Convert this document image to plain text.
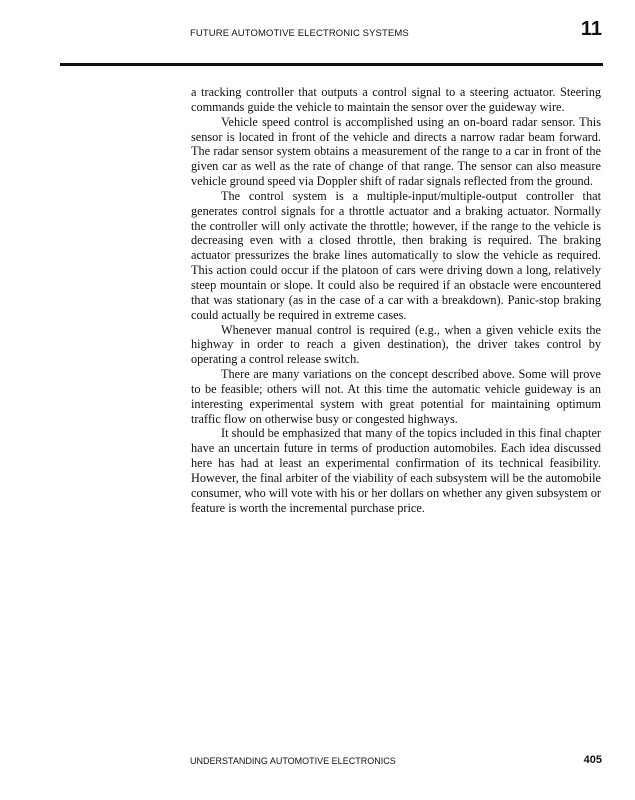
FUTURE AUTOMOTIVE ELECTRONIC SYSTEMS	11

a tracking controller that outputs a control signal to a steering actuator. Steering commands guide the vehicle to maintain the sensor over the guideway wire.

Vehicle speed control is accomplished using an on-board radar sensor. This sensor is located in front of the vehicle and directs a narrow radar beam forward. The radar sensor system obtains a measurement of the range to a car in front of the given car as well as the rate of change of that range. The sensor can also measure vehicle ground speed via Doppler shift of radar signals reflected from the ground.

The control system is a multiple-input/multiple-output controller that generates control signals for a throttle actuator and a braking actuator. Normally the controller will only activate the throttle; however, if the range to the vehicle is decreasing even with a closed throttle, then braking is required. The braking actuator pressurizes the brake lines automatically to slow the vehicle as required. This action could occur if the platoon of cars were driving down a long, relatively steep mountain or slope. It could also be required if an obstacle were encountered that was stationary (as in the case of a car with a breakdown). Panic-stop braking could actually be required in extreme cases.

Whenever manual control is required (e.g., when a given vehicle exits the highway in order to reach a given destination), the driver takes control by operating a control release switch.

There are many variations on the concept described above. Some will prove to be feasible; others will not. At this time the automatic vehicle guideway is an interesting experimental system with great potential for maintaining optimum traffic flow on otherwise busy or congested highways.

It should be emphasized that many of the topics included in this final chapter have an uncertain future in terms of production automobiles. Each idea discussed here has had at least an experimental confirmation of its technical feasibility. However, the final arbiter of the viability of each subsystem will be the automobile consumer, who will vote with his or her dollars on whether any given subsystem or feature is worth the incremental purchase price.

UNDERSTANDING AUTOMOTIVE ELECTRONICS	405
